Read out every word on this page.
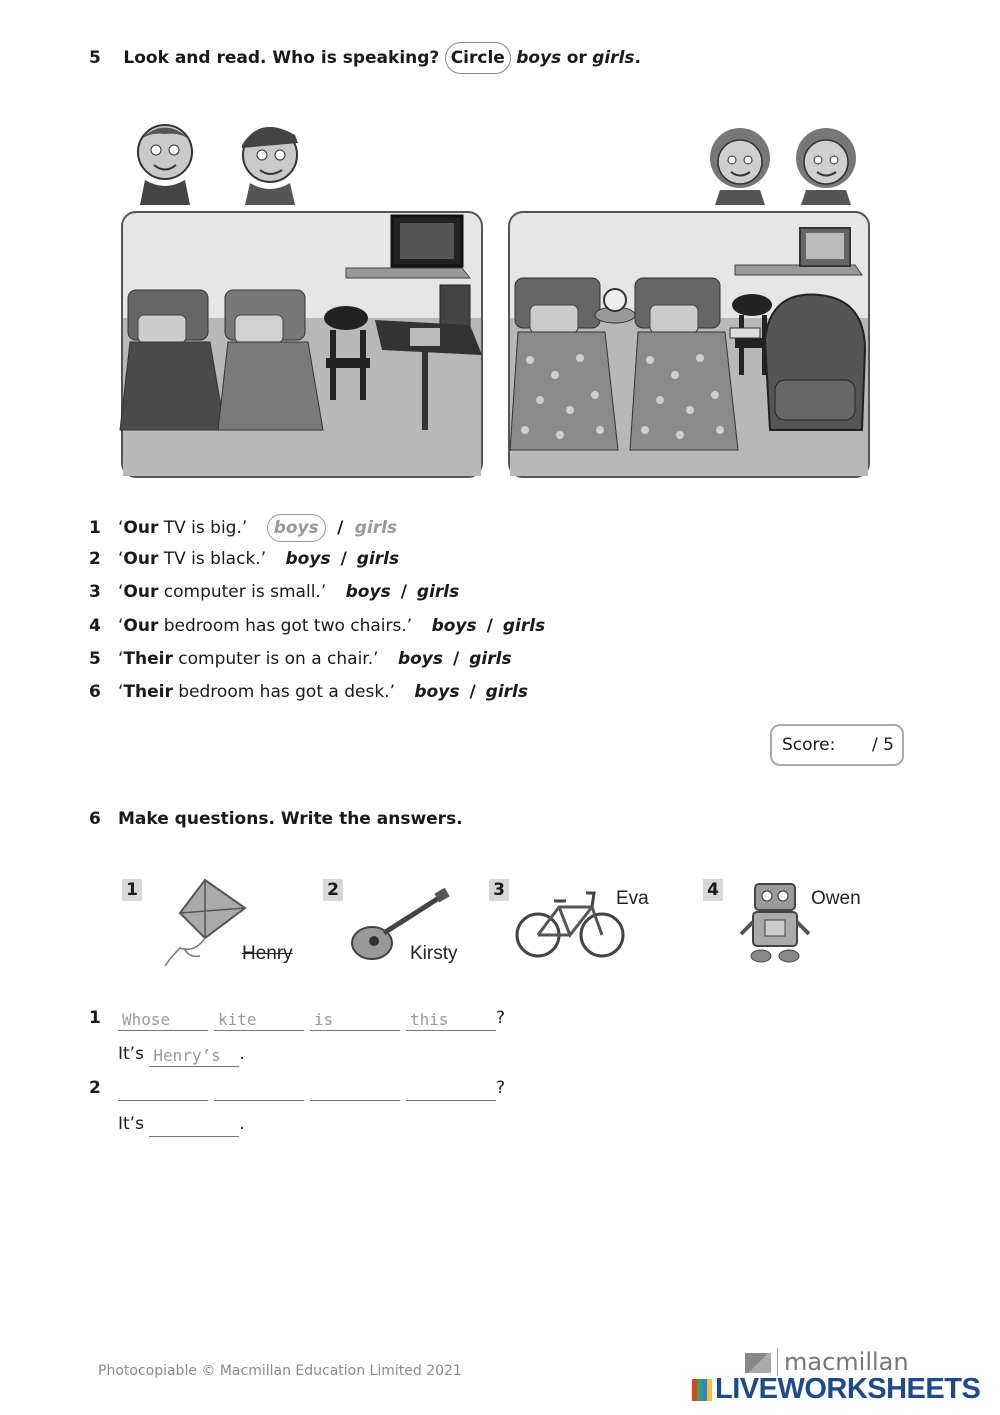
5 Look and read. Who is speaking? Circle boys or girls.
1 ‘Our TV is big.’ boys / girls
2 ‘Our TV is black.’ boys / girls
3 ‘Our computer is small.’ boys / girls
4 ‘Our bedroom has got two chairs.’ boys / girls
5 ‘Their computer is on a chair.’ boys / girls
6 ‘Their bedroom has got a desk.’ boys / girls
Score: / 5
6 Make questions. Write the answers.
1
Henry
2
Kirsty
3	Eva	4	Owen
1 Whose	kite	is	this	?
It’s Henry’s .
2	?
It’s	.
Photocopiable © Macmillan Education Limited 2021	macmillan
LIVEWORKSHEETS
